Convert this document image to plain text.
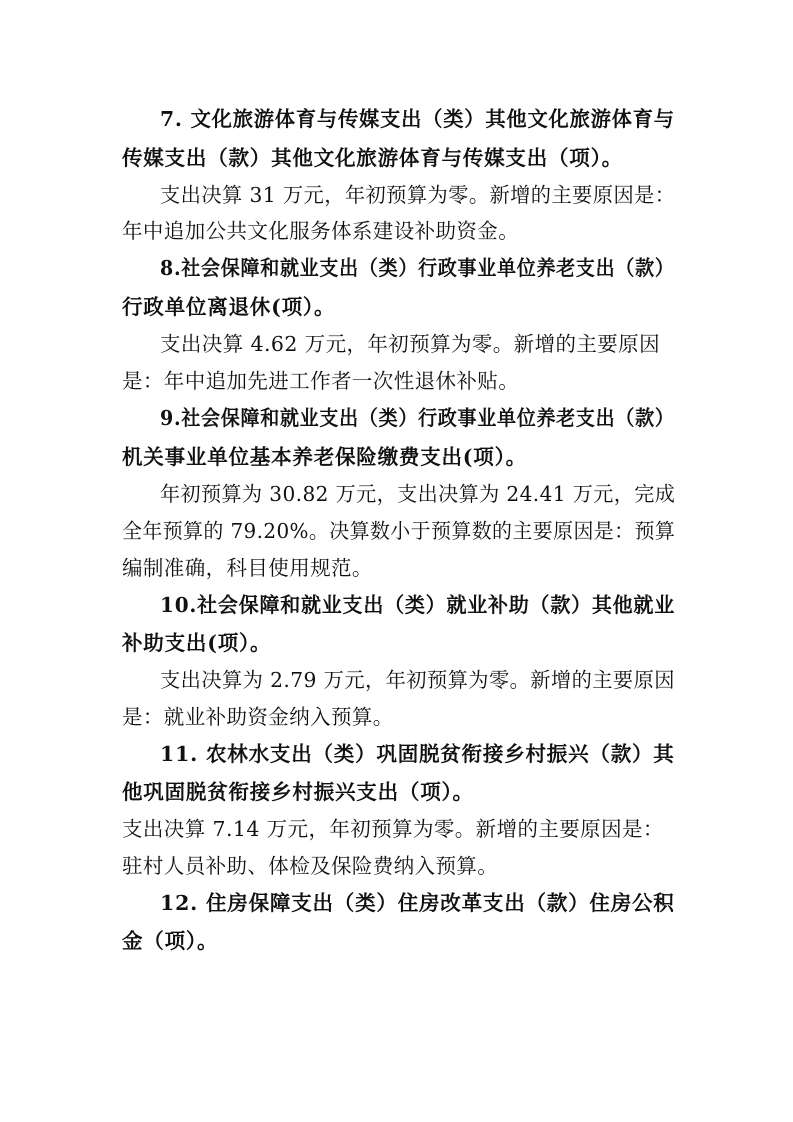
7. 文化旅游体育与传媒支出（类）其他文化旅游体育与
传媒支出（款）其他文化旅游体育与传媒支出（项）。
支出决算 31 万元，年初预算为零。新增的主要原因是：
年中追加公共文化服务体系建设补助资金。
8.社会保障和就业支出（类）行政事业单位养老支出（款）
行政单位离退休(项）。
支出决算 4.62 万元，年初预算为零。新增的主要原因
是：年中追加先进工作者一次性退休补贴。
9.社会保障和就业支出（类）行政事业单位养老支出（款）
机关事业单位基本养老保险缴费支出(项）。
年初预算为 30.82 万元，支出决算为 24.41 万元，完成
全年预算的 79.20%。决算数小于预算数的主要原因是：预算
编制准确，科目使用规范。
10.社会保障和就业支出（类）就业补助（款）其他就业
补助支出(项）。
支出决算为 2.79 万元，年初预算为零。新增的主要原因
是：就业补助资金纳入预算。
11. 农林水支出（类）巩固脱贫衔接乡村振兴（款）其
他巩固脱贫衔接乡村振兴支出（项）。
支出决算 7.14 万元，年初预算为零。新增的主要原因是：
驻村人员补助、体检及保险费纳入预算。
12. 住房保障支出（类）住房改革支出（款）住房公积
金（项）。
